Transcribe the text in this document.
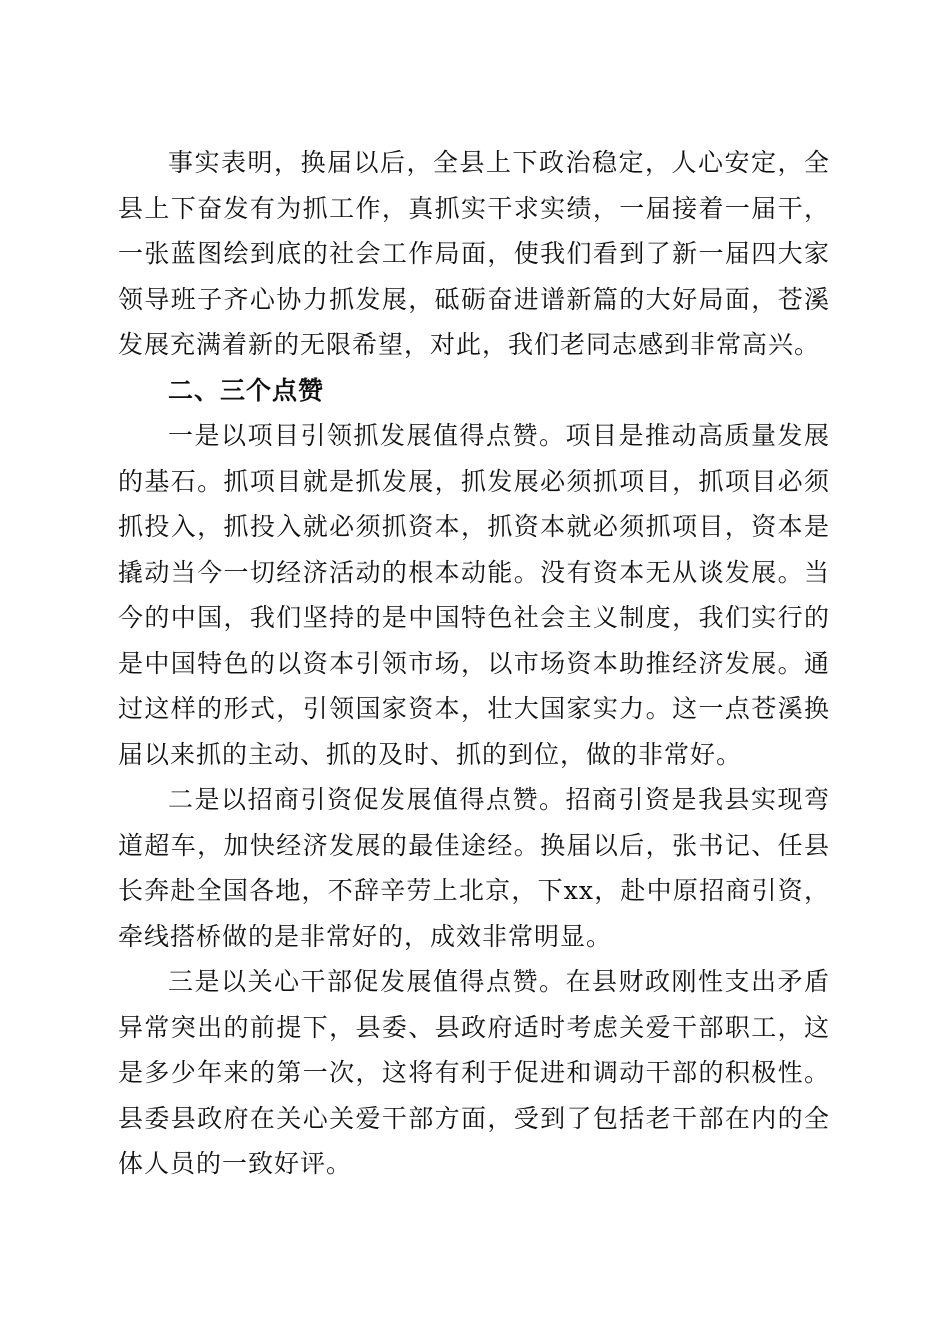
事实表明，换届以后，全县上下政治稳定，人心安定，全县上下奋发有为抓工作，真抓实干求实绩，一届接着一届干，一张蓝图绘到底的社会工作局面，使我们看到了新一届四大家领导班子齐心协力抓发展，砥砺奋进谱新篇的大好局面，苍溪发展充满着新的无限希望，对此，我们老同志感到非常高兴。

二、三个点赞

一是以项目引领抓发展值得点赞。项目是推动高质量发展的基石。抓项目就是抓发展，抓发展必须抓项目，抓项目必须抓投入，抓投入就必须抓资本，抓资本就必须抓项目，资本是撬动当今一切经济活动的根本动能。没有资本无从谈发展。当今的中国，我们坚持的是中国特色社会主义制度，我们实行的是中国特色的以资本引领市场，以市场资本助推经济发展。通过这样的形式，引领国家资本，壮大国家实力。这一点苍溪换届以来抓的主动、抓的及时、抓的到位，做的非常好。

二是以招商引资促发展值得点赞。招商引资是我县实现弯道超车，加快经济发展的最佳途经。换届以后，张书记、任县长奔赴全国各地，不辞辛劳上北京，下xx，赴中原招商引资，牵线搭桥做的是非常好的，成效非常明显。

三是以关心干部促发展值得点赞。在县财政刚性支出矛盾异常突出的前提下，县委、县政府适时考虑关爱干部职工，这是多少年来的第一次，这将有利于促进和调动干部的积极性。县委县政府在关心关爱干部方面，受到了包括老干部在内的全体人员的一致好评。
